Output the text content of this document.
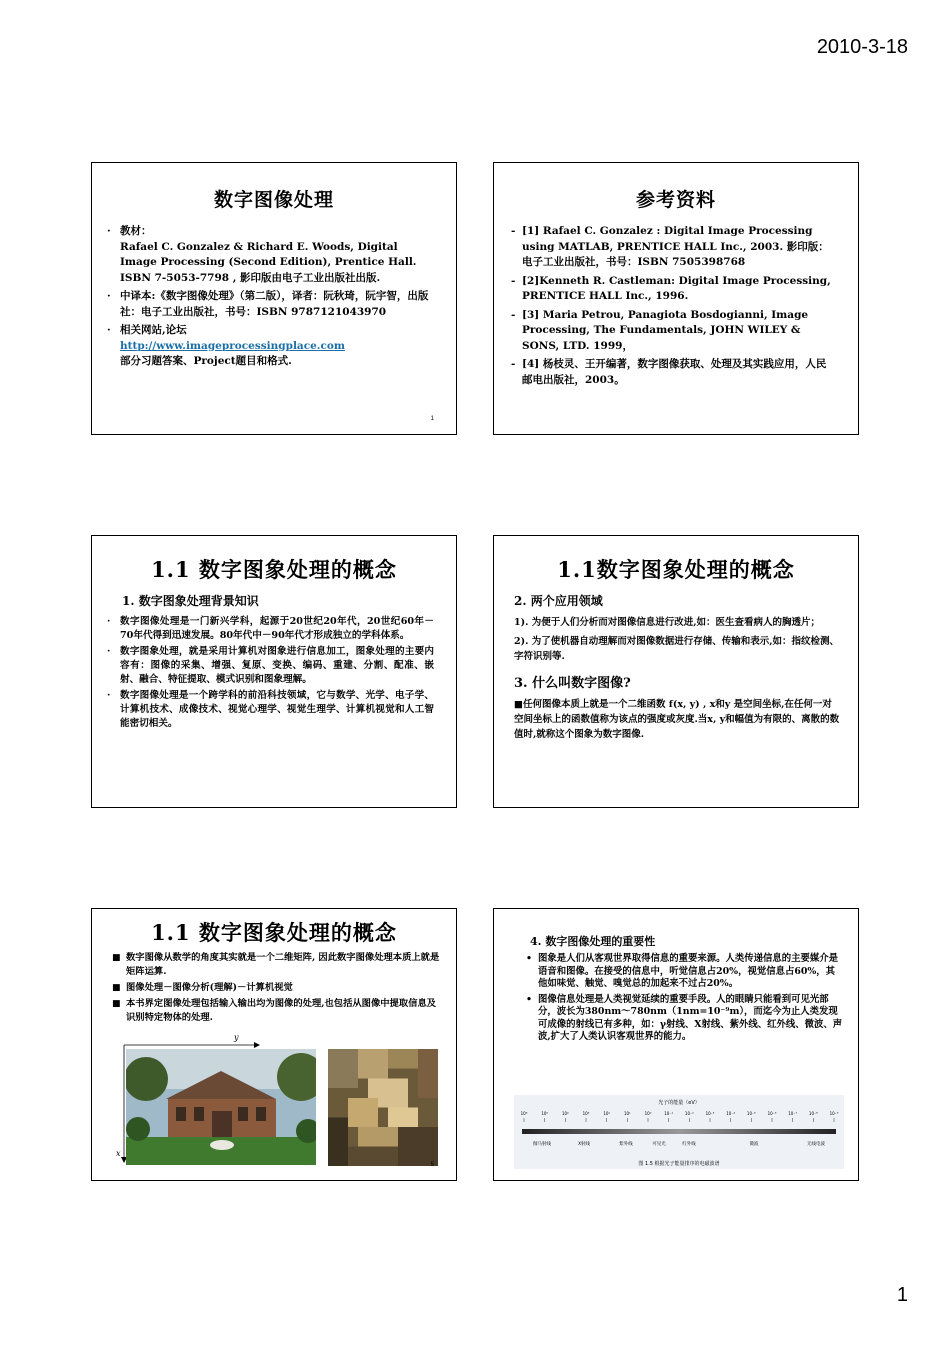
2010-3-18
数字图像处理
· 教材：
Rafael C. Gonzalez & Richard E. Woods, Digital Image Processing (Second Edition), Prentice Hall. ISBN 7-5053-7798 , 影印版由电子工业出版社出版.
· 中译本:《数字图像处理》（第二版），译者：阮秋琦，阮宇智，出版社：电子工业出版社，书号：ISBN 9787121043970
· 相关网站,论坛
http://www.imageprocessingplace.com
部分习题答案、Project题目和格式.
1
参考资料
- [1] Rafael C. Gonzalez : Digital Image Processing using MATLAB, PRENTICE HALL Inc., 2003. 影印版：电子工业出版社，书号：ISBN 7505398768
- [2]Kenneth R. Castleman: Digital Image Processing, PRENTICE HALL Inc., 1996.
- [3] Maria Petrou, Panagiota Bosdogianni, Image Processing, The Fundamentals, JOHN WILEY & SONS, LTD. 1999，
- [4] 杨枝灵、王开编著，数字图像获取、处理及其实践应用，人民邮电出版社，2003。
1.1 数字图象处理的概念
1. 数字图象处理背景知识
· 数字图像处理是一门新兴学科，起源于20世纪20年代，20世纪60年－70年代得到迅速发展。80年代中－90年代才形成独立的学科体系。
· 数字图象处理，就是采用计算机对图象进行信息加工，图象处理的主要内容有：图像的采集、增强、复原、变换、编码、重建、分割、配准、嵌射、融合、特征提取、模式识别和图象理解。
· 数字图像处理是一个跨学科的前沿科技领域，它与数学、光学、电子学、计算机技术、成像技术、视觉心理学、视觉生理学、计算机视觉和人工智能密切相关。
1.1数字图象处理的概念
2. 两个应用领域
1). 为便于人们分析而对图像信息进行改进,如：医生查看病人的胸透片；
2). 为了使机器自动理解而对图像数据进行存储、传输和表示,如：指纹检测、字符识别等.
3. 什么叫数字图像?
■任何图像本质上就是一个二维函数 f(x, y) , x和y 是空间坐标,在任何一对空间坐标上的函数值称为该点的强度或灰度.当x, y和幅值为有限的、离散的数值时,就称这个图象为数字图像.
1.1 数字图象处理的概念
■ 数字图像从数学的角度其实就是一个二维矩阵, 因此数字图像处理本质上就是矩阵运算.
■ 图像处理－图像分析(理解)－计算机视觉
■ 本书界定图像处理包括输入输出均为图像的处理,也包括从图像中提取信息及识别特定物体的处理.
y
x
5
4. 数字图像处理的重要性
• 图象是人们从客观世界取得信息的重要来源。人类传递信息的主要媒介是语音和图像。在接受的信息中，听觉信息占20%，视觉信息占60%，其他如味觉、触觉、嗅觉总的加起来不过占20%。
• 图像信息处理是人类视觉延续的重要手段。人的眼睛只能看到可见光部分，波长为380nm～780nm（1nm=10⁻⁹m），而迄今为止人类发现可成像的射线已有多种，如：γ射线、X射线、紫外线、红外线、微波、声波,扩大了人类认识客观世界的能力。
光子的能量（eV）
10⁶	10⁵	10⁴	10³	10²	10¹	10⁰	10⁻¹	10⁻²	10⁻³	10⁻⁴	10⁻⁵	10⁻⁶	10⁻⁷	10⁻⁸	10⁻⁹
伽马射线	X射线	紫外线	可见光	红外线	微波	无线电波
图 1.5 根据光子能量排序的电磁波谱
1
